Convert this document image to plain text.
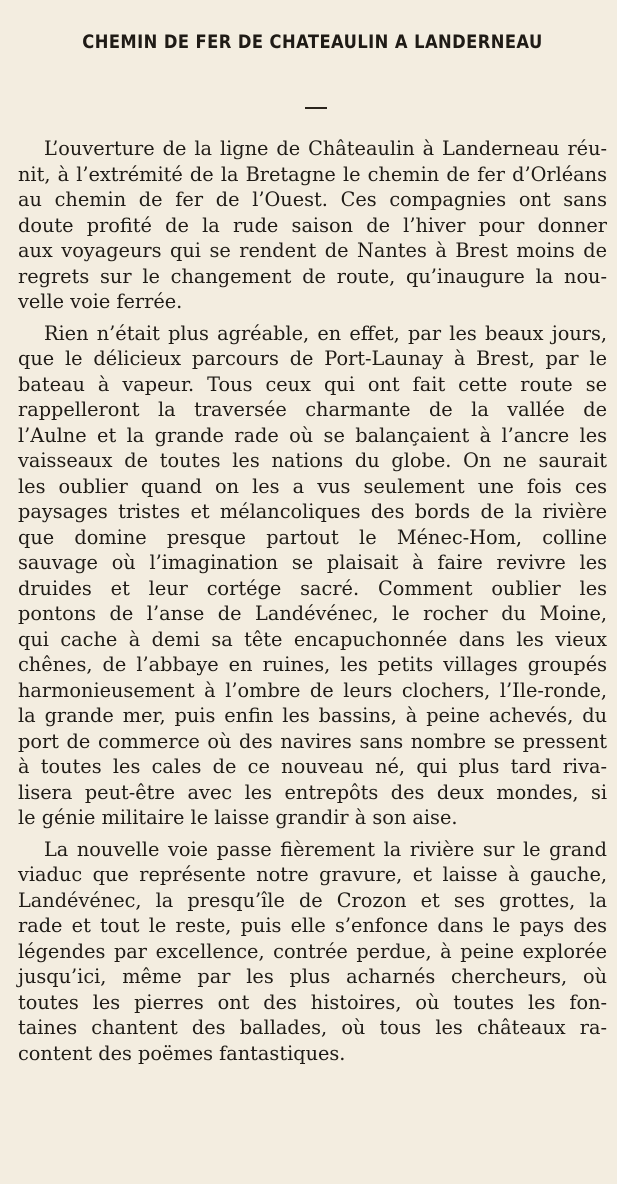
CHEMIN DE FER DE CHATEAULIN A LANDERNEAU

L’ouverture de la ligne de Châteaulin à Landerneau réu-
nit, à l’extrémité de la Bretagne le chemin de fer d’Orléans
au chemin de fer de l’Ouest. Ces compagnies ont sans
doute profité de la rude saison de l’hiver pour donner
aux voyageurs qui se rendent de Nantes à Brest moins de
regrets sur le changement de route, qu’inaugure la nou-
velle voie ferrée.

Rien n’était plus agréable, en effet, par les beaux jours,
que le délicieux parcours de Port-Launay à Brest, par le
bateau à vapeur. Tous ceux qui ont fait cette route se
rappelleront la traversée charmante de la vallée de
l’Aulne et la grande rade où se balançaient à l’ancre les
vaisseaux de toutes les nations du globe. On ne saurait
les oublier quand on les a vus seulement une fois ces
paysages tristes et mélancoliques des bords de la rivière
que domine presque partout le Ménec-Hom, colline
sauvage où l’imagination se plaisait à faire revivre les
druides et leur cortége sacré. Comment oublier les
pontons de l’anse de Landévénec, le rocher du Moine,
qui cache à demi sa tête encapuchonnée dans les vieux
chênes, de l’abbaye en ruines, les petits villages groupés
harmonieusement à l’ombre de leurs clochers, l’Ile-ronde,
la grande mer, puis enfin les bassins, à peine achevés, du
port de commerce où des navires sans nombre se pressent
à toutes les cales de ce nouveau né, qui plus tard riva-
lisera peut-être avec les entrepôts des deux mondes, si
le génie militaire le laisse grandir à son aise.

La nouvelle voie passe fièrement la rivière sur le grand
viaduc que représente notre gravure, et laisse à gauche,
Landévénec, la presqu’île de Crozon et ses grottes, la
rade et tout le reste, puis elle s’enfonce dans le pays des
légendes par excellence, contrée perdue, à peine explorée
jusqu’ici, même par les plus acharnés chercheurs, où
toutes les pierres ont des histoires, où toutes les fon-
taines chantent des ballades, où tous les châteaux ra-
content des poëmes fantastiques.
